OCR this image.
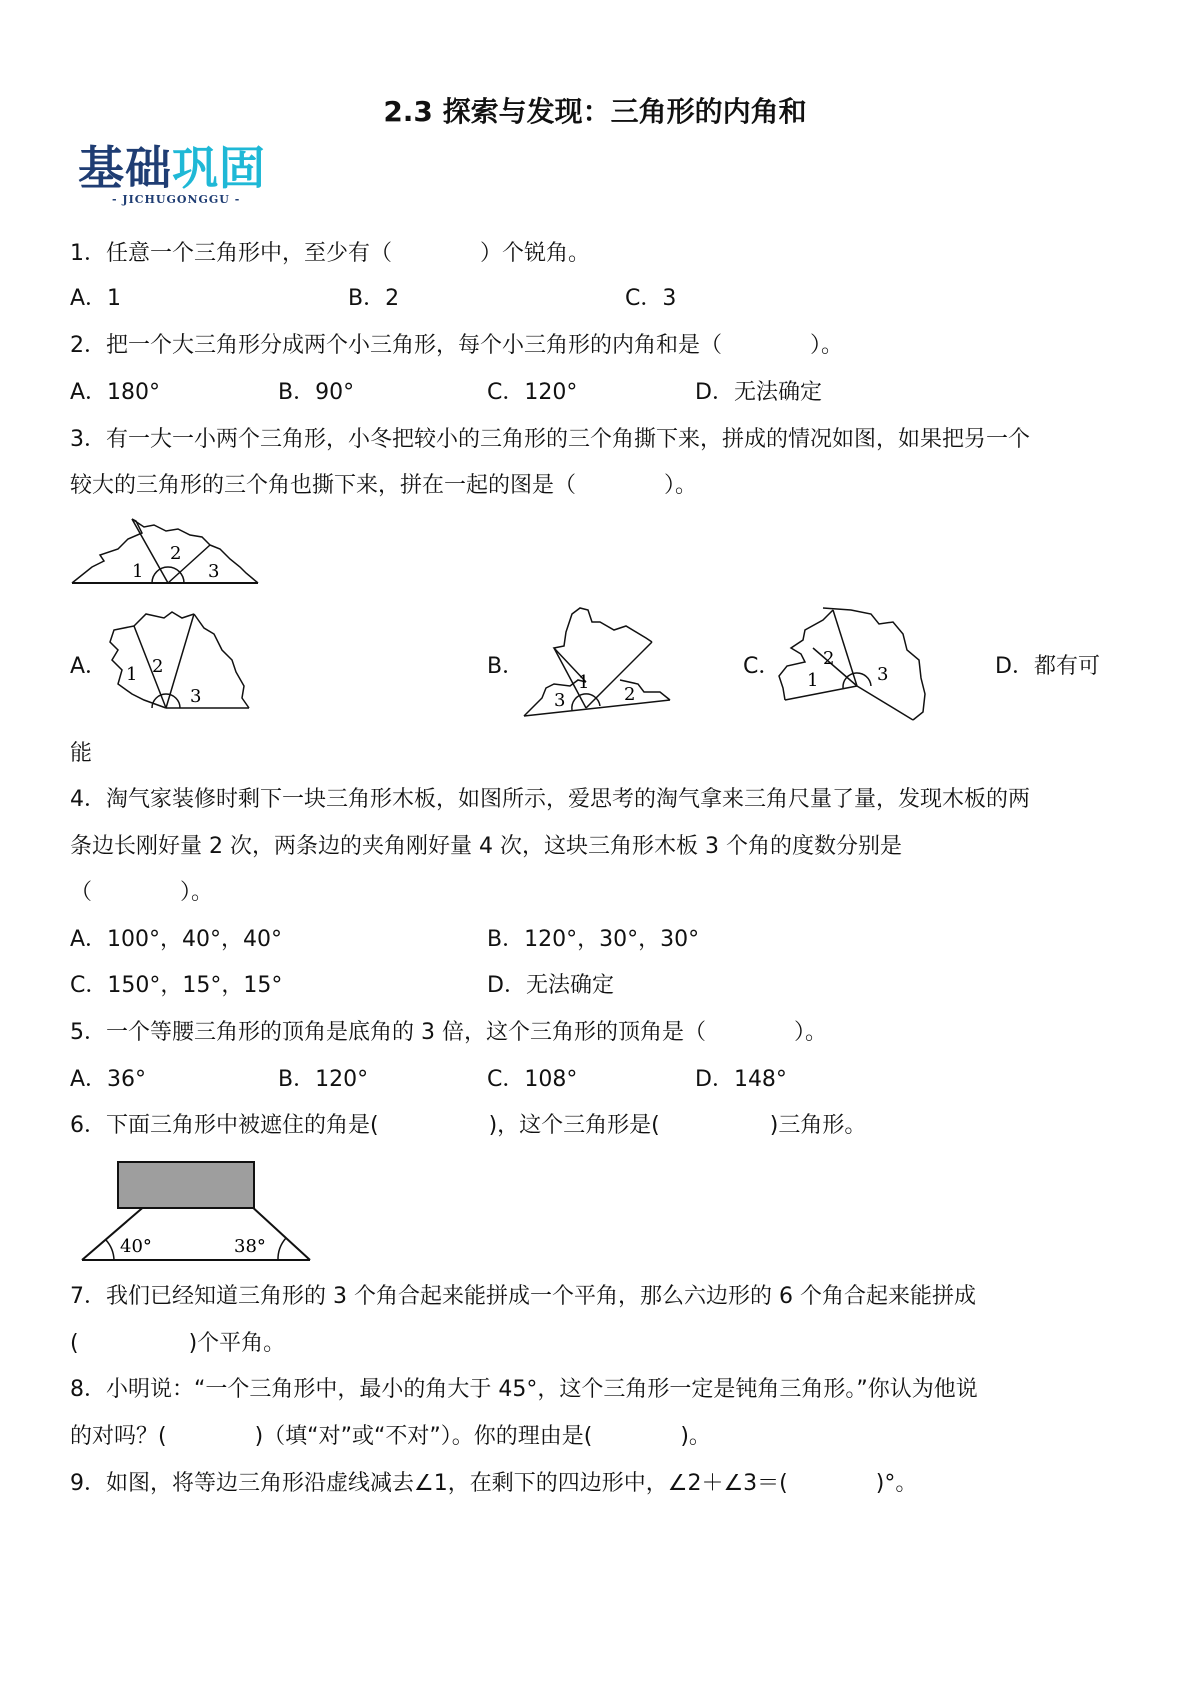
2.3 探索与发现：三角形的内角和
基础巩固
- JICHUGONGGU -
1．任意一个三角形中，至少有（　　　　）个锐角。
A．1	B．2	C．3
2．把一个大三角形分成两个小三角形，每个小三角形的内角和是（　　　　）。
A．180°	B．90°	C．120°	D．无法确定
3．有一大一小两个三角形，小冬把较小的三角形的三个角撕下来，拼成的情况如图，如果把另一个
较大的三角形的三个角也撕下来，拼在一起的图是（　　　　）。
1
2
3
A． 1 2
3
B．
1
3	2
C．
1
2
3	D．都有可
能
4．淘气家装修时剩下一块三角形木板，如图所示，爱思考的淘气拿来三角尺量了量，发现木板的两
条边长刚好量 2 次，两条边的夹角刚好量 4 次，这块三角形木板 3 个角的度数分别是
（　　　　）。
A．100°，40°，40°	B．120°，30°，30°
C．150°，15°，15°	D．无法确定
5．一个等腰三角形的顶角是底角的 3 倍，这个三角形的顶角是（　　　　）。
A．36°	B．120°	C．108°	D．148°
6．下面三角形中被遮住的角是(　　　　　)，这个三角形是(　　　　　)三角形。
40°	38°
7．我们已经知道三角形的 3 个角合起来能拼成一个平角，那么六边形的 6 个角合起来能拼成
(　　　　　)个平角。
8．小明说：“一个三角形中，最小的角大于 45°，这个三角形一定是钝角三角形。”你认为他说
的对吗？(　　　　)（填“对”或“不对”）。你的理由是(　　　　)。
9．如图，将等边三角形沿虚线减去∠1，在剩下的四边形中，∠2＋∠3＝(　　　　)°。
